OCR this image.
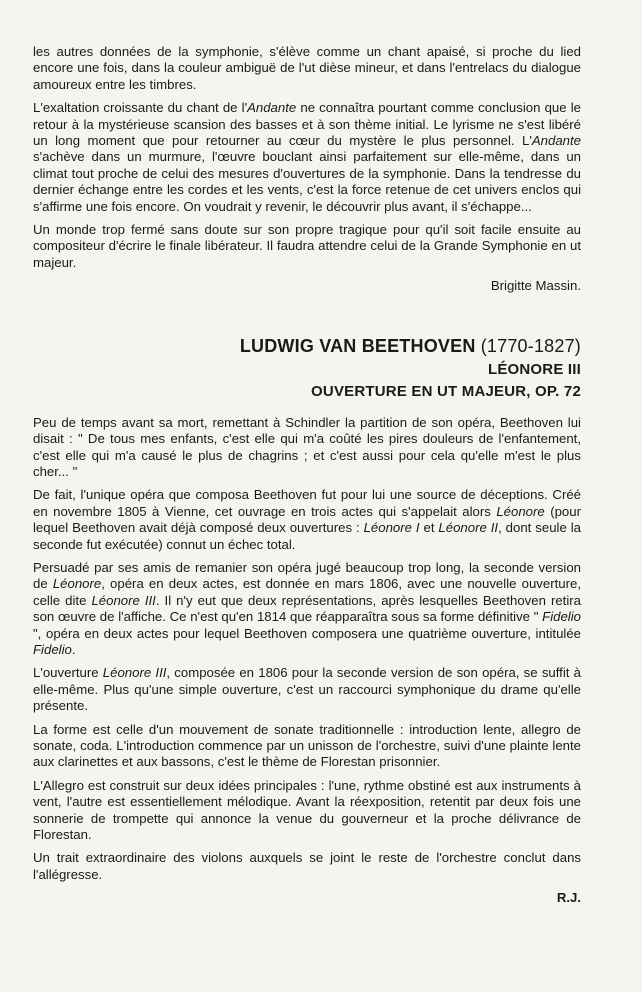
les autres données de la symphonie, s'élève comme un chant apaisé, si proche du lied encore une fois, dans la couleur ambiguë de l'ut dièse mineur, et dans l'entrelacs du dialogue amoureux entre les timbres.

L'exaltation croissante du chant de l'Andante ne connaîtra pourtant comme conclusion que le retour à la mystérieuse scansion des basses et à son thème initial. Le lyrisme ne s'est libéré un long moment que pour retourner au cœur du mystère le plus personnel. L'Andante s'achève dans un murmure, l'œuvre bouclant ainsi parfaitement sur elle-même, dans un climat tout proche de celui des mesures d'ouvertures de la symphonie. Dans la tendresse du dernier échange entre les cordes et les vents, c'est la force retenue de cet univers enclos qui s'affirme une fois encore. On voudrait y revenir, le découvrir plus avant, il s'échappe...

Un monde trop fermé sans doute sur son propre tragique pour qu'il soit facile ensuite au compositeur d'écrire le finale libérateur. Il faudra attendre celui de la Grande Symphonie en ut majeur.

Brigitte Massin.

LUDWIG VAN BEETHOVEN (1770-1827)
LÉONORE III
OUVERTURE EN UT MAJEUR, OP. 72

Peu de temps avant sa mort, remettant à Schindler la partition de son opéra, Beethoven lui disait : " De tous mes enfants, c'est elle qui m'a coûté les pires douleurs de l'enfantement, c'est elle qui m'a causé le plus de chagrins ; et c'est aussi pour cela qu'elle m'est le plus cher... "

De fait, l'unique opéra que composa Beethoven fut pour lui une source de déceptions. Créé en novembre 1805 à Vienne, cet ouvrage en trois actes qui s'appelait alors Léonore (pour lequel Beethoven avait déjà composé deux ouvertures : Léonore I et Léonore II, dont seule la seconde fut exécutée) connut un échec total.

Persuadé par ses amis de remanier son opéra jugé beaucoup trop long, la seconde version de Léonore, opéra en deux actes, est donnée en mars 1806, avec une nouvelle ouverture, celle dite Léonore III. Il n'y eut que deux représentations, après lesquelles Beethoven retira son œuvre de l'affiche. Ce n'est qu'en 1814 que réapparaîtra sous sa forme définitive " Fidelio ", opéra en deux actes pour lequel Beethoven composera une quatrième ouverture, intitulée Fidelio.

L'ouverture Léonore III, composée en 1806 pour la seconde version de son opéra, se suffit à elle-même. Plus qu'une simple ouverture, c'est un raccourci symphonique du drame qu'elle présente.

La forme est celle d'un mouvement de sonate traditionnelle : introduction lente, allegro de sonate, coda. L'introduction commence par un unisson de l'orchestre, suivi d'une plainte lente aux clarinettes et aux bassons, c'est le thème de Florestan prisonnier.

L'Allegro est construit sur deux idées principales : l'une, rythme obstiné est aux instruments à vent, l'autre est essentiellement mélodique. Avant la réexposition, retentit par deux fois une sonnerie de trompette qui annonce la venue du gouverneur et la proche délivrance de Florestan.

Un trait extraordinaire des violons auxquels se joint le reste de l'orchestre conclut dans l'allégresse.

R.J.
